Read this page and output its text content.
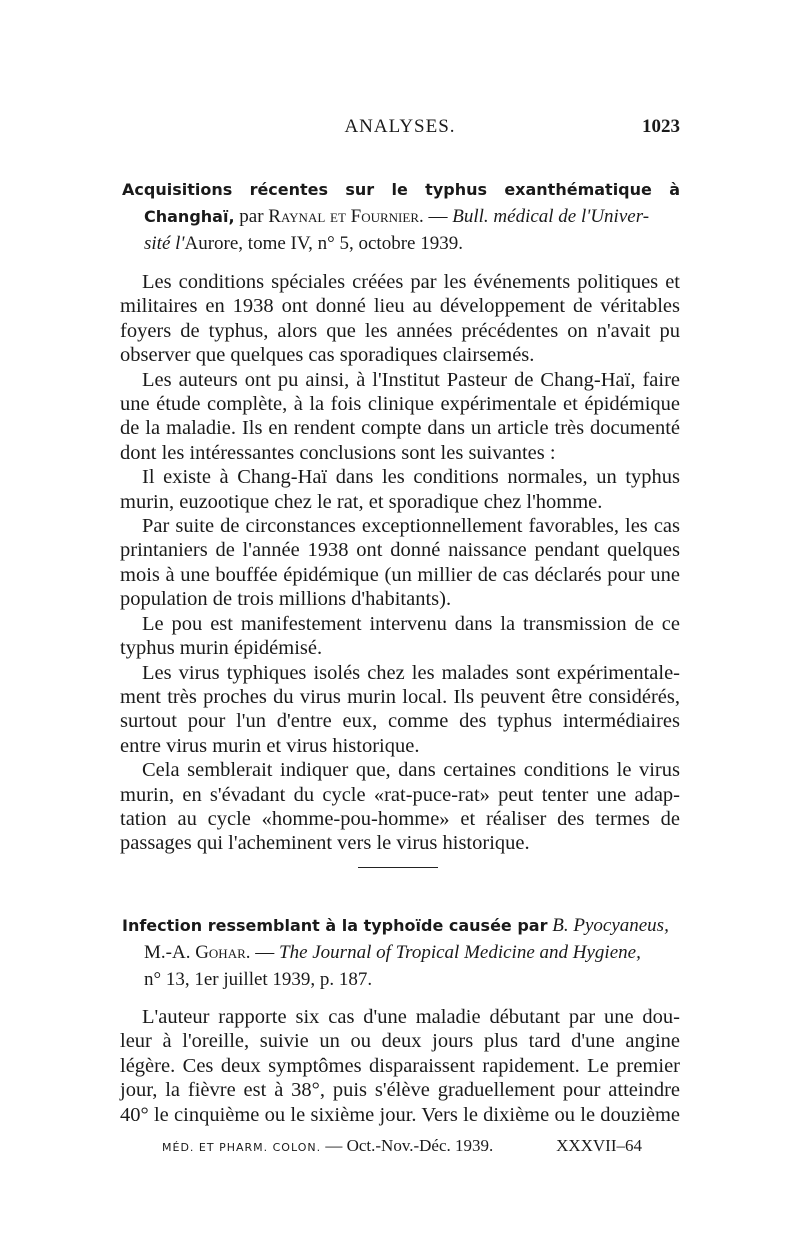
ANALYSES.	1023
Acquisitions récentes sur le typhus exanthématique à
Changhaï, par Raynal et Fournier. — Bull. médical de l'Univer-
sité l'Aurore, tome IV, n° 5, octobre 1939.
Les conditions spéciales créées par les événements politiques et
militaires en 1938 ont donné lieu au développement de véritables
foyers de typhus, alors que les années précédentes on n'avait pu
observer que quelques cas sporadiques clairsemés.
Les auteurs ont pu ainsi, à l'Institut Pasteur de Chang-Haï, faire
une étude complète, à la fois clinique expérimentale et épidémique
de la maladie. Ils en rendent compte dans un article très documenté
dont les intéressantes conclusions sont les suivantes :
Il existe à Chang-Haï dans les conditions normales, un typhus
murin, euzootique chez le rat, et sporadique chez l'homme.
Par suite de circonstances exceptionnellement favorables, les cas
printaniers de l'année 1938 ont donné naissance pendant quelques
mois à une bouffée épidémique (un millier de cas déclarés pour une
population de trois millions d'habitants).
Le pou est manifestement intervenu dans la transmission de ce
typhus murin épidémisé.
Les virus typhiques isolés chez les malades sont expérimentale-
ment très proches du virus murin local. Ils peuvent être considérés,
surtout pour l'un d'entre eux, comme des typhus intermédiaires
entre virus murin et virus historique.
Cela semblerait indiquer que, dans certaines conditions le virus
murin, en s'évadant du cycle «rat-puce-rat» peut tenter une adap-
tation au cycle «homme-pou-homme» et réaliser des termes de
passages qui l'acheminent vers le virus historique.
Infection ressemblant à la typhoïde causée par B. Pyocyaneus,
M.-A. Gohar. — The Journal of Tropical Medicine and Hygiene,
n° 13, 1er juillet 1939, p. 187.
L'auteur rapporte six cas d'une maladie débutant par une dou-
leur à l'oreille, suivie un ou deux jours plus tard d'une angine
légère. Ces deux symptômes disparaissent rapidement. Le premier
jour, la fièvre est à 38°, puis s'élève graduellement pour atteindre
40° le cinquième ou le sixième jour. Vers le dixième ou le douzième
MÉD. ET PHARM. COLON. — Oct.-Nov.-Déc. 1939.	XXXVII–64
